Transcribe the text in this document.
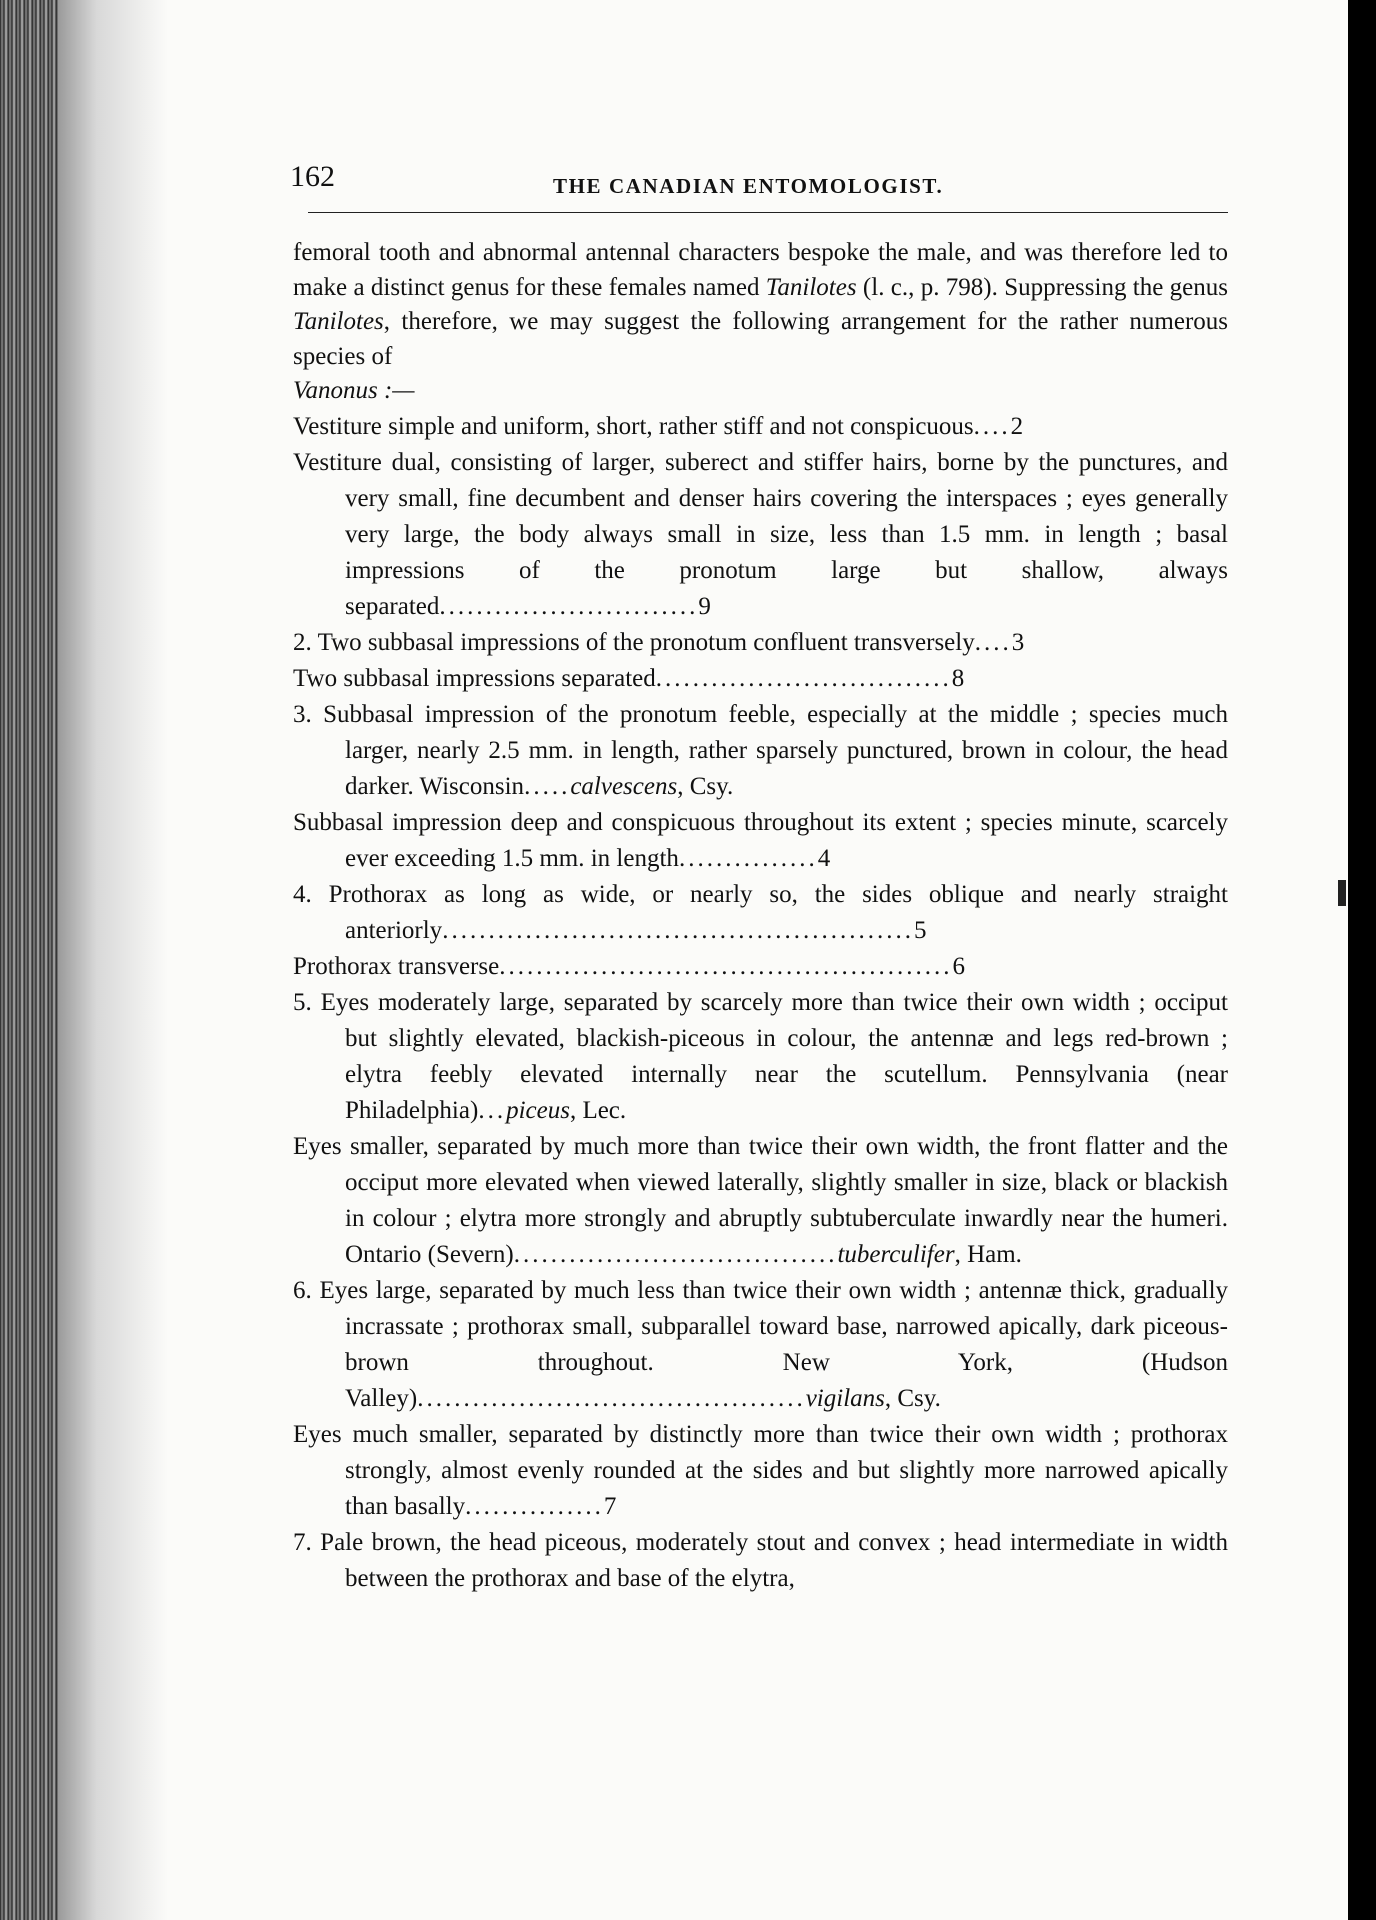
162	THE CANADIAN ENTOMOLOGIST.

femoral tooth and abnormal antennal characters bespoke the male, and was therefore led to make a distinct genus for these females named Tanilotes (l. c., p. 798). Suppressing the genus Tanilotes, therefore, we may suggest the following arrangement for the rather numerous species of
Vanonus :—

Vestiture simple and uniform, short, rather stiff and not conspicuous....2
Vestiture dual, consisting of larger, suberect and stiffer hairs, borne by the punctures, and very small, fine decumbent and denser hairs covering the interspaces ; eyes generally very large, the body always small in size, less than 1.5 mm. in length ; basal impressions of the pronotum large but shallow, always separated............................9
2. Two subbasal impressions of the pronotum confluent transversely....3
Two subbasal impressions separated................................8
3. Subbasal impression of the pronotum feeble, especially at the middle ; species much larger, nearly 2.5 mm. in length, rather sparsely punctured, brown in colour, the head darker. Wisconsin.....calvescens, Csy.
Subbasal impression deep and conspicuous throughout its extent ; species minute, scarcely ever exceeding 1.5 mm. in length...............4
4. Prothorax as long as wide, or nearly so, the sides oblique and nearly straight anteriorly...................................................5
Prothorax transverse.................................................6
5. Eyes moderately large, separated by scarcely more than twice their own width ; occiput but slightly elevated, blackish-piceous in colour, the antennæ and legs red-brown ; elytra feebly elevated internally near the scutellum. Pennsylvania (near Philadelphia)...piceus, Lec.
Eyes smaller, separated by much more than twice their own width, the front flatter and the occiput more elevated when viewed laterally, slightly smaller in size, black or blackish in colour ; elytra more strongly and abruptly subtuberculate inwardly near the humeri. Ontario (Severn)...................................tuberculifer, Ham.
6. Eyes large, separated by much less than twice their own width ; antennæ thick, gradually incrassate ; prothorax small, subparallel toward base, narrowed apically, dark piceous-brown throughout. New York, (Hudson Valley)..........................................vigilans, Csy.
Eyes much smaller, separated by distinctly more than twice their own width ; prothorax strongly, almost evenly rounded at the sides and but slightly more narrowed apically than basally...............7
7. Pale brown, the head piceous, moderately stout and convex ; head intermediate in width between the prothorax and base of the elytra,
